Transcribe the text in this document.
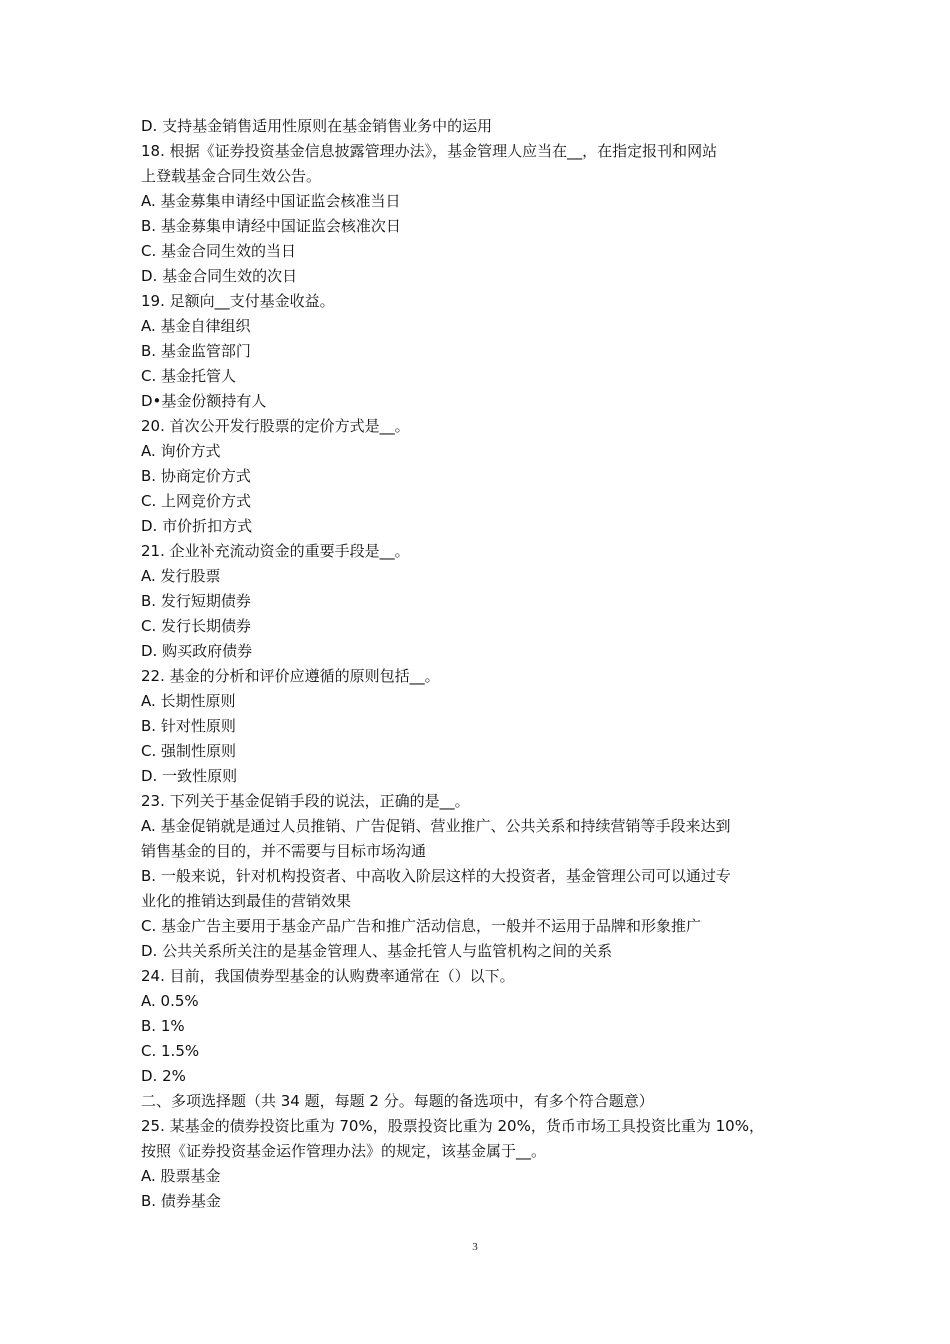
D. 支持基金销售适用性原则在基金销售业务中的运用

18. 根据《证券投资基金信息披露管理办法》，基金管理人应当在__，在指定报刊和网站

上登载基金合同生效公告。

A. 基金募集申请经中国证监会核准当日

B. 基金募集申请经中国证监会核准次日

C. 基金合同生效的当日

D. 基金合同生效的次日

19. 足额向__支付基金收益。

A. 基金自律组织

B. 基金监管部门

C. 基金托管人

D•基金份额持有人

20. 首次公开发行股票的定价方式是__。

A. 询价方式

B. 协商定价方式

C. 上网竞价方式

D. 市价折扣方式

21. 企业补充流动资金的重要手段是__。

A. 发行股票

B. 发行短期债券

C. 发行长期债券

D. 购买政府债券

22. 基金的分析和评价应遵循的原则包括__。

A. 长期性原则

B. 针对性原则

C. 强制性原则

D. 一致性原则

23. 下列关于基金促销手段的说法，正确的是__。

A. 基金促销就是通过人员推销、广告促销、营业推广、公共关系和持续营销等手段来达到

销售基金的目的，并不需要与目标市场沟通

B. 一般来说，针对机构投资者、中高收入阶层这样的大投资者，基金管理公司可以通过专

业化的推销达到最佳的营销效果

C. 基金广告主要用于基金产品广告和推广活动信息，一般并不运用于品牌和形象推广

D. 公共关系所关注的是基金管理人、基金托管人与监管机构之间的关系

24. 目前，我国债券型基金的认购费率通常在（）以下。

A. 0.5%

B. 1%

C. 1.5%

D. 2%

二、多项选择题（共 34 题，每题 2 分。每题的备选项中，有多个符合题意）

25. 某基金的债券投资比重为 70%，股票投资比重为 20%，货币市场工具投资比重为 10%，

按照《证券投资基金运作管理办法》的规定，该基金属于__。

A. 股票基金

B. 债券基金

3
